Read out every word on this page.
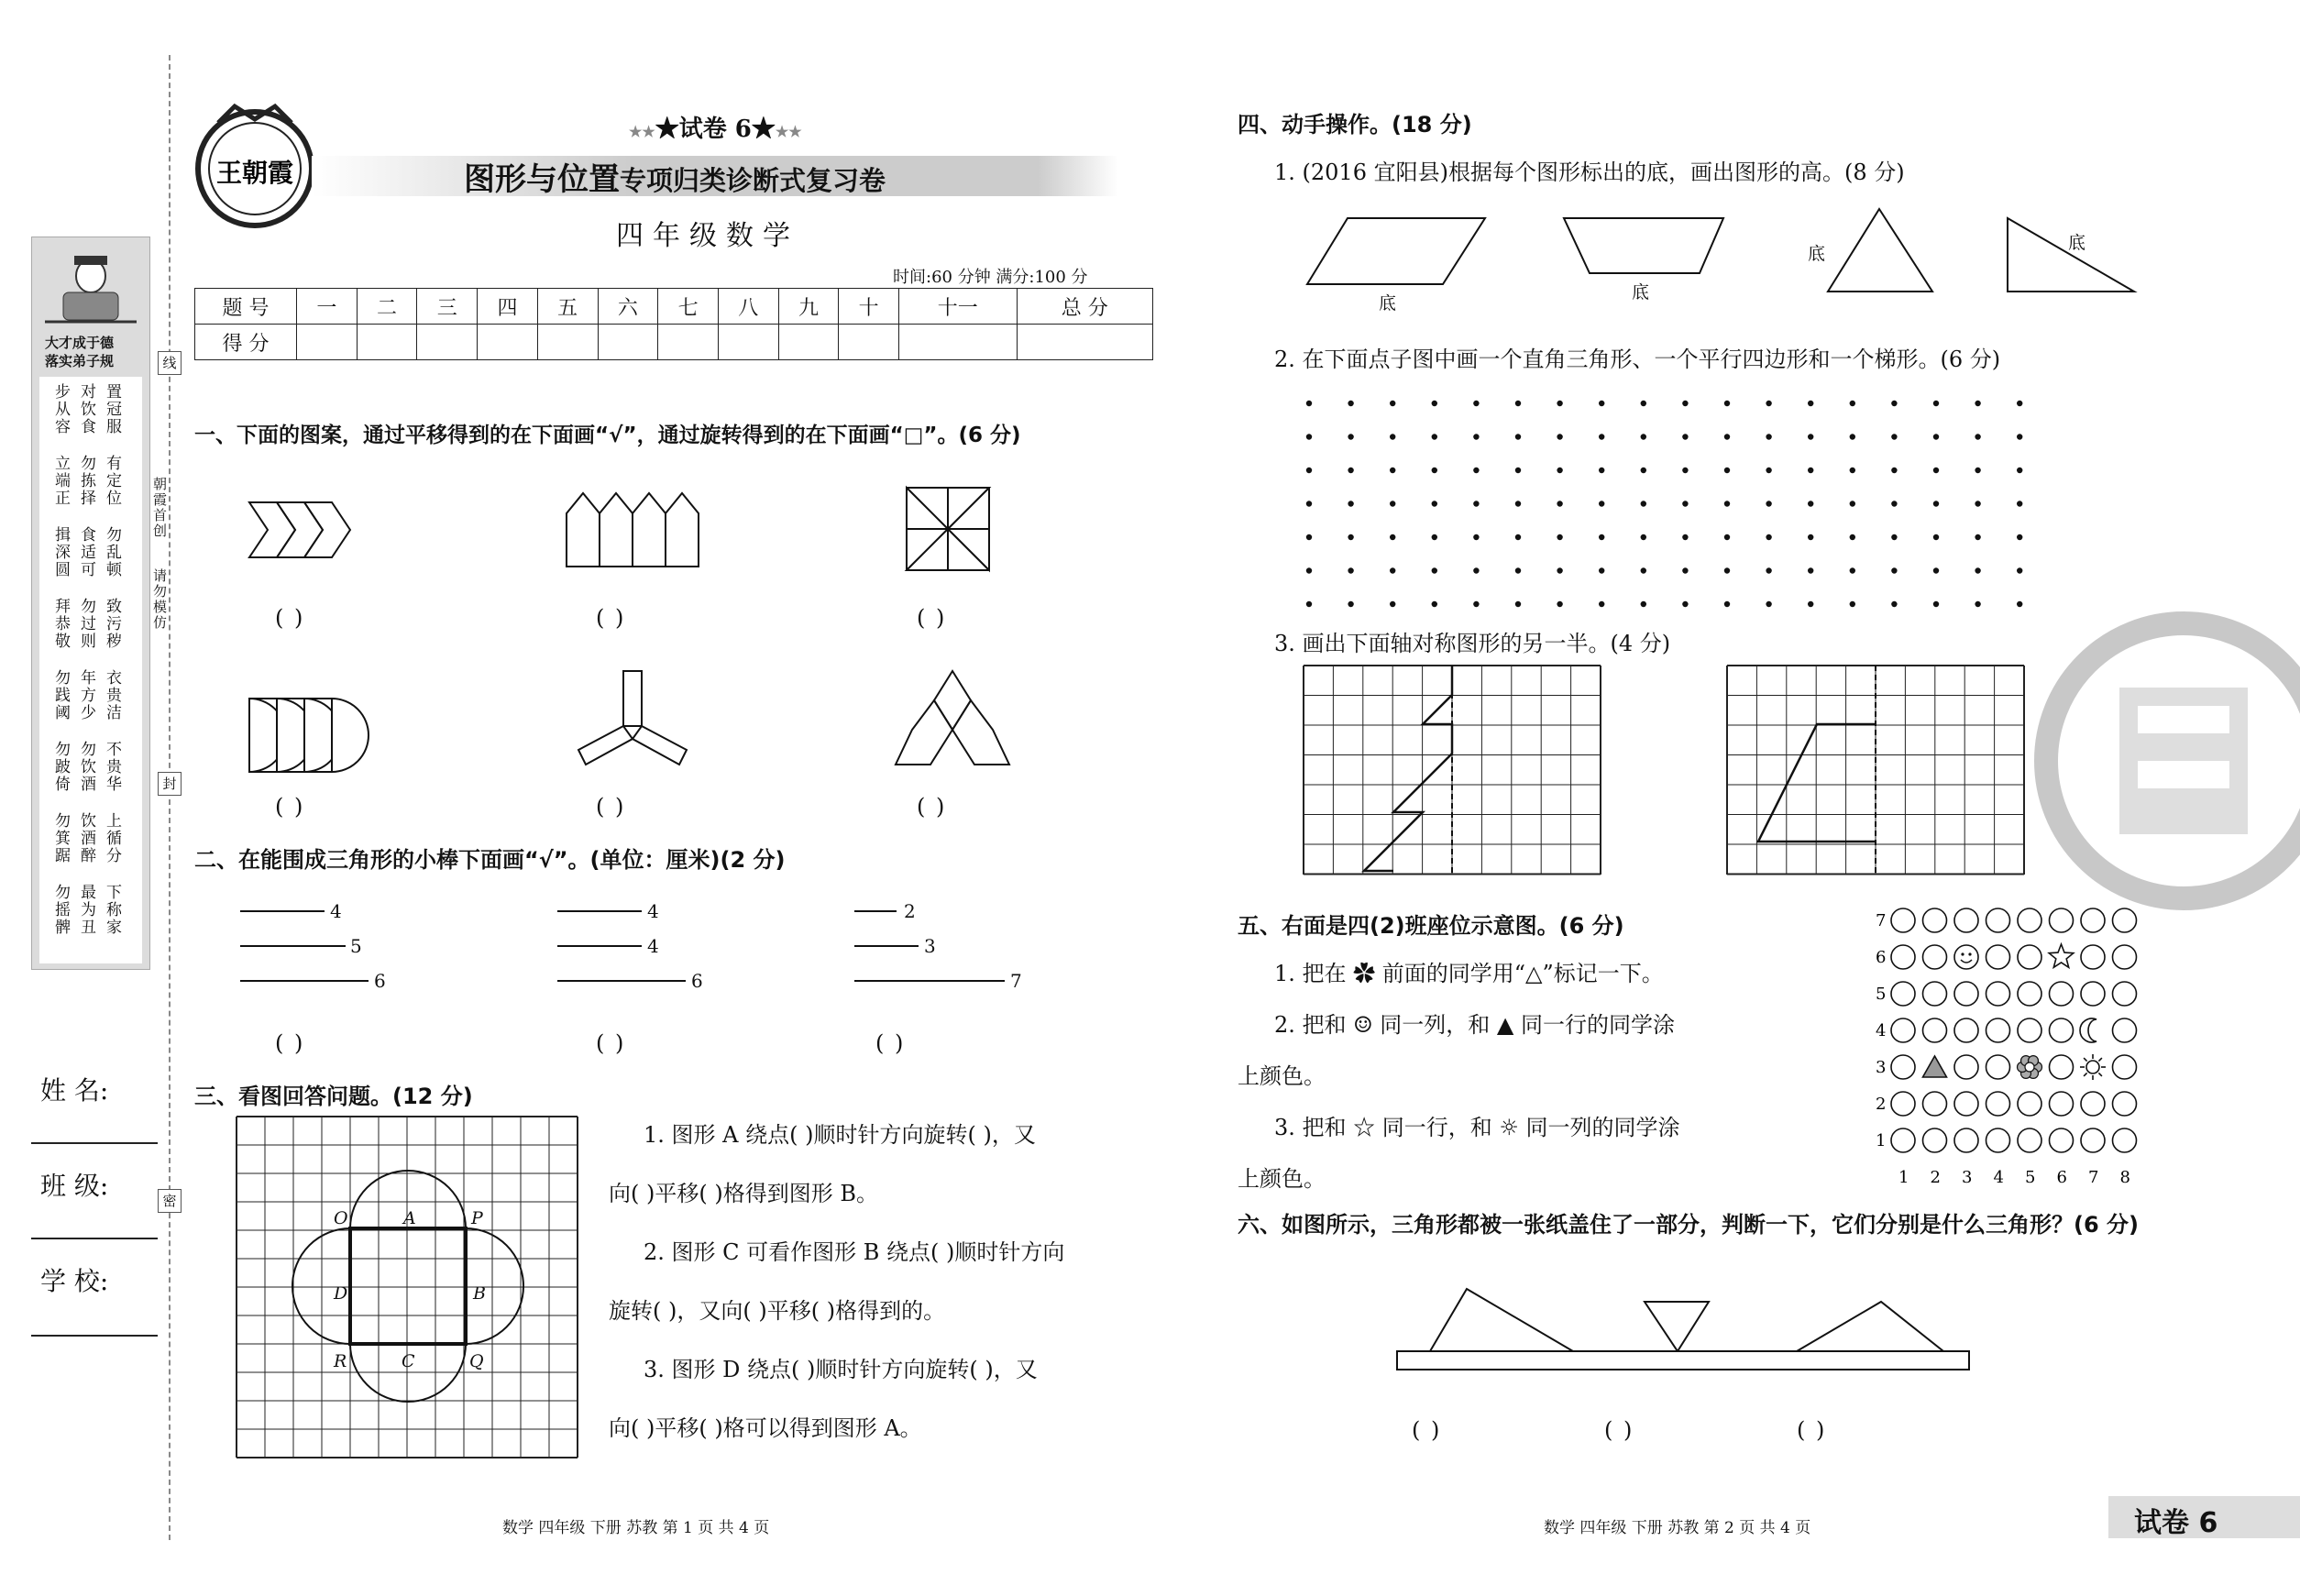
大才成于德
落实弟子规
步从容 对饮食 置冠服
立端正 勿拣择 有定位
揖深圆 食适可 勿乱顿
拜恭敬 勿过则 致污秽
勿践阈 年方少 衣贵洁
勿跛倚 勿饮酒 不贵华
勿箕踞 饮酒醉 上循分
勿摇髀 最为丑 下称家
朝霞首创
请勿模仿
线
封
密
姓 名:
班 级:
学 校:
王朝霞
★★★试卷 6★★★
图形与位置专项归类诊断式复习卷
四年级数学
时间:60 分钟 满分:100 分
题 号	一	二	三	四	五	六	七	八	九	十	十一	总 分
得 分												
一、下面的图案，通过平移得到的在下面画“√”，通过旋转得到的在下面画“□”。(6 分)
( )	( )	( )
( )	( )	( )
二、在能围成三角形的小棒下面画“√”。(单位：厘米)(2 分)
4
5
6
4
4
6
2
3
7
( )	( )	( )
三、看图回答问题。(12 分)
O	A	P
D	B
R	C	Q
1. 图形 A 绕点( )顺时针方向旋转( )，又
向( )平移( )格得到图形 B。
2. 图形 C 可看作图形 B 绕点( )顺时针方向
旋转( )，又向( )平移( )格得到的。
3. 图形 D 绕点( )顺时针方向旋转( )，又
向( )平移( )格可以得到图形 A。
数学 四年级 下册 苏教 第 1 页 共 4 页
四、动手操作。(18 分)
1. (2016 宜阳县)根据每个图形标出的底，画出图形的高。(8 分)
底
底
底
底
2. 在下面点子图中画一个直角三角形、一个平行四边形和一个梯形。(6 分)
3. 画出下面轴对称图形的另一半。(4 分)
五、右面是四(2)班座位示意图。(6 分)
1. 把在 ✿ 前面的同学用“△”标记一下。
2. 把和 ☺ 同一列，和 ▲ 同一行的同学涂
上颜色。
3. 把和 ☆ 同一行，和 ☼ 同一列的同学涂
上颜色。
7
6
5
4
3
2
1
1 2 3 4 5 6 7 8
六、如图所示，三角形都被一张纸盖住了一部分，判断一下，它们分别是什么三角形？(6 分)
( )	( )	( )
数学 四年级 下册 苏教 第 2 页 共 4 页	试卷 6
